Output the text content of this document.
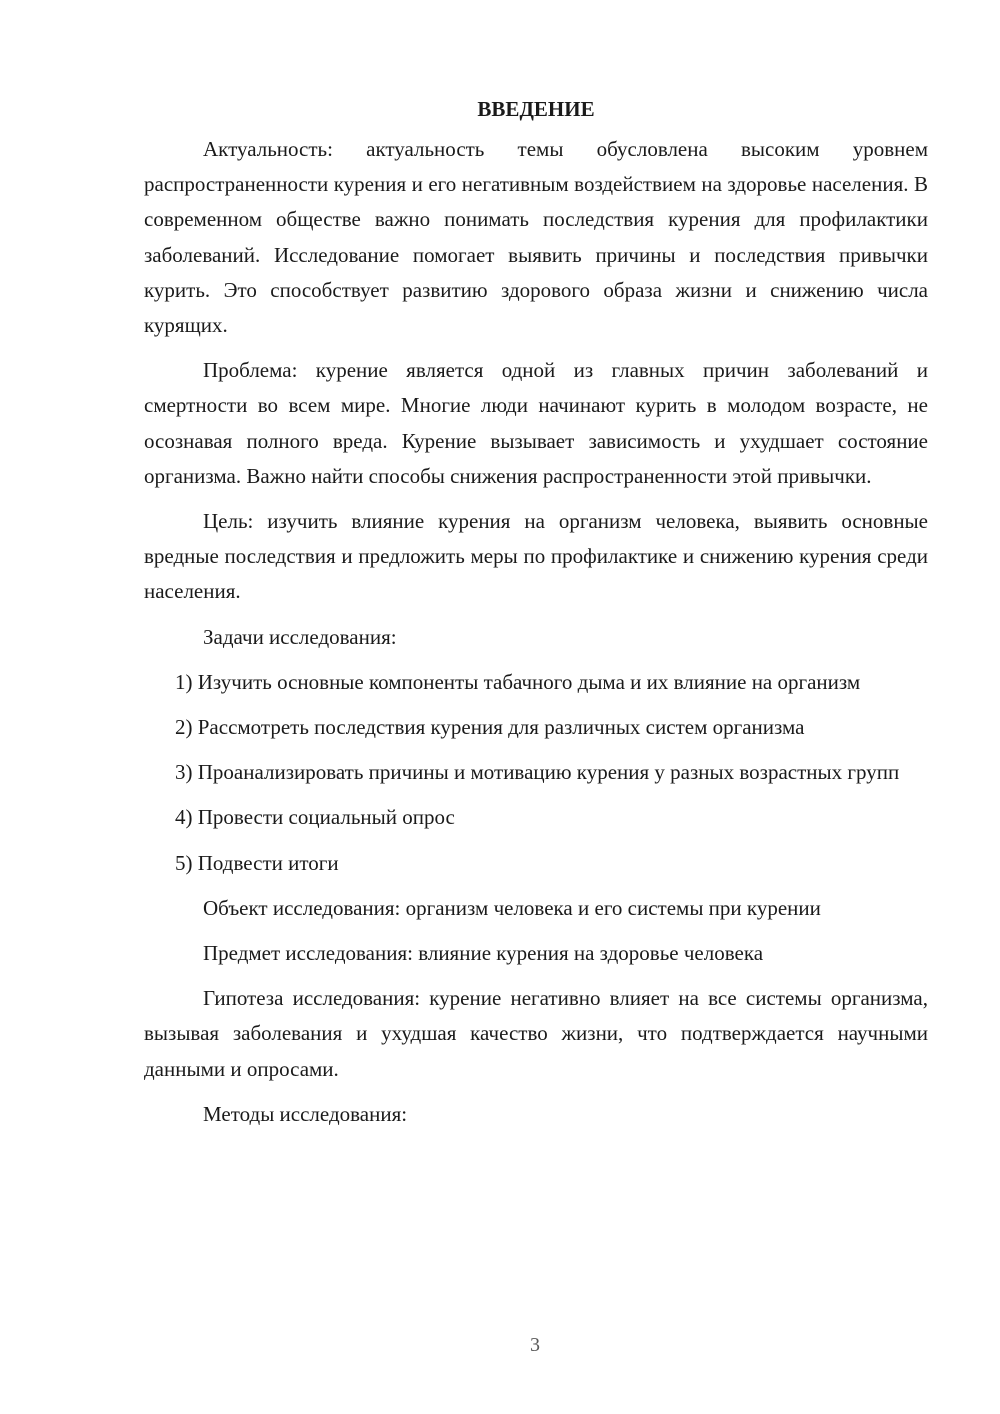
ВВЕДЕНИЕ

Актуальность: актуальность темы обусловлена высоким уровнем распространенности курения и его негативным воздействием на здоровье населения. В современном обществе важно понимать последствия курения для профилактики заболеваний. Исследование помогает выявить причины и последствия привычки курить. Это способствует развитию здорового образа жизни и снижению числа курящих.

Проблема: курение является одной из главных причин заболеваний и смертности во всем мире. Многие люди начинают курить в молодом возрасте, не осознавая полного вреда. Курение вызывает зависимость и ухудшает состояние организма. Важно найти способы снижения распространенности этой привычки.

Цель: изучить влияние курения на организм человека, выявить основные вредные последствия и предложить меры по профилактике и снижению курения среди населения.

Задачи исследования:

1) Изучить основные компоненты табачного дыма и их влияние на организм

2) Рассмотреть последствия курения для различных систем организма

3) Проанализировать причины и мотивацию курения у разных возрастных групп

4) Провести социальный опрос

5) Подвести итоги

Объект исследования: организм человека и его системы при курении

Предмет исследования: влияние курения на здоровье человека

Гипотеза исследования: курение негативно влияет на все системы организма, вызывая заболевания и ухудшая качество жизни, что подтверждается научными данными и опросами.

Методы исследования:

3
